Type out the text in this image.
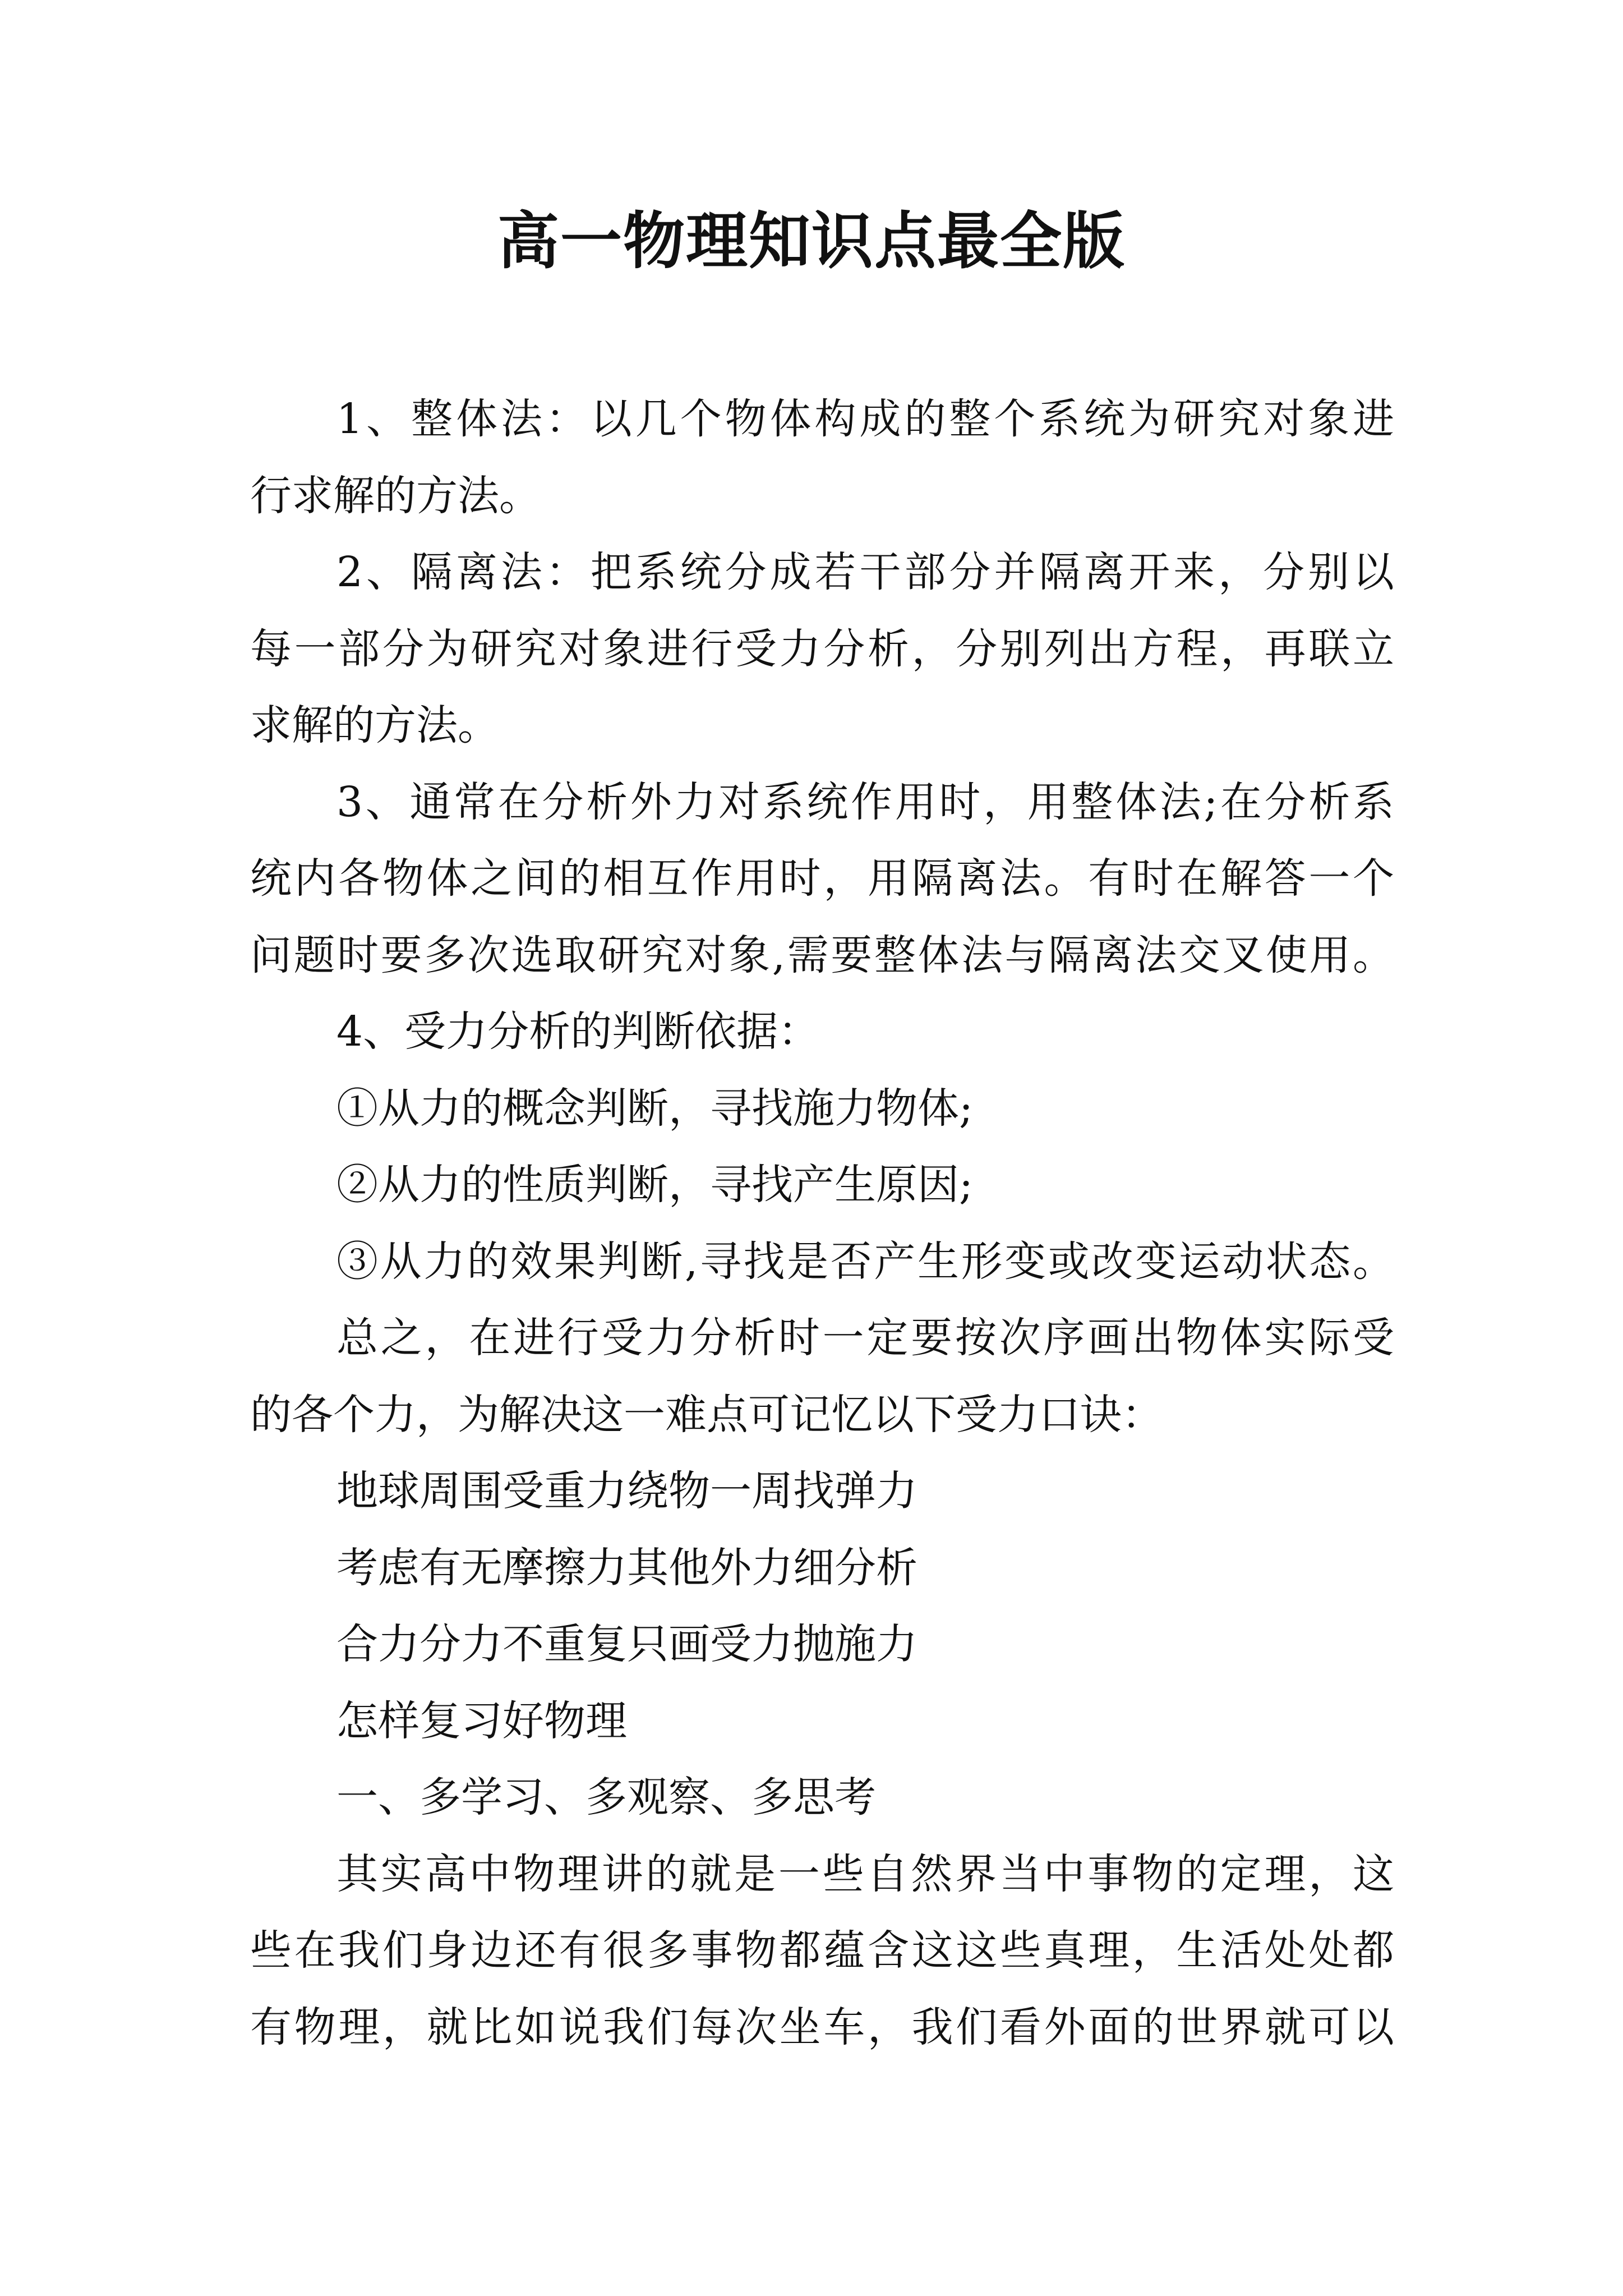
高一物理知识点最全版

1、整体法：以几个物体构成的整个系统为研究对象进

行求解的方法。

2、隔离法：把系统分成若干部分并隔离开来，分别以

每一部分为研究对象进行受力分析，分别列出方程，再联立

求解的方法。

3、通常在分析外力对系统作用时，用整体法;在分析系

统内各物体之间的相互作用时，用隔离法。有时在解答一个

问题时要多次选取研究对象,需要整体法与隔离法交叉使用。

4、受力分析的判断依据：

①从力的概念判断，寻找施力物体;

②从力的性质判断，寻找产生原因;

③从力的效果判断,寻找是否产生形变或改变运动状态。

总之，在进行受力分析时一定要按次序画出物体实际受

的各个力，为解决这一难点可记忆以下受力口诀：

地球周围受重力绕物一周找弹力

考虑有无摩擦力其他外力细分析

合力分力不重复只画受力抛施力

怎样复习好物理

一、多学习、多观察、多思考

其实高中物理讲的就是一些自然界当中事物的定理，这

些在我们身边还有很多事物都蕴含这这些真理，生活处处都

有物理，就比如说我们每次坐车，我们看外面的世界就可以
